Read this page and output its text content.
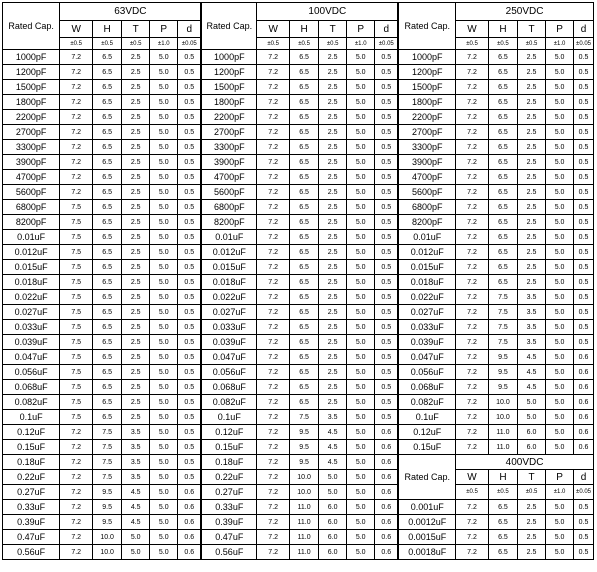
Rated Cap.	63VDC					Rated Cap.	100VDC					Rated Cap.	250VDC				
	W	H	T	P	d		W	H	T	P	d		W	H	T	P	d
	±0.5	±0.5	±0.5	±1.0	±0.05		±0.5	±0.5	±0.5	±1.0	±0.05		±0.5	±0.5	±0.5	±1.0	±0.05
1000pF	7.2	6.5	2.5	5.0	0.5	1000pF	7.2	6.5	2.5	5.0	0.5	1000pF	7.2	6.5	2.5	5.0	0.5
1200pF	7.2	6.5	2.5	5.0	0.5	1200pF	7.2	6.5	2.5	5.0	0.5	1200pF	7.2	6.5	2.5	5.0	0.5
1500pF	7.2	6.5	2.5	5.0	0.5	1500pF	7.2	6.5	2.5	5.0	0.5	1500pF	7.2	6.5	2.5	5.0	0.5
1800pF	7.2	6.5	2.5	5.0	0.5	1800pF	7.2	6.5	2.5	5.0	0.5	1800pF	7.2	6.5	2.5	5.0	0.5
2200pF	7.2	6.5	2.5	5.0	0.5	2200pF	7.2	6.5	2.5	5.0	0.5	2200pF	7.2	6.5	2.5	5.0	0.5
2700pF	7.2	6.5	2.5	5.0	0.5	2700pF	7.2	6.5	2.5	5.0	0.5	2700pF	7.2	6.5	2.5	5.0	0.5
3300pF	7.2	6.5	2.5	5.0	0.5	3300pF	7.2	6.5	2.5	5.0	0.5	3300pF	7.2	6.5	2.5	5.0	0.5
3900pF	7.2	6.5	2.5	5.0	0.5	3900pF	7.2	6.5	2.5	5.0	0.5	3900pF	7.2	6.5	2.5	5.0	0.5
4700pF	7.2	6.5	2.5	5.0	0.5	4700pF	7.2	6.5	2.5	5.0	0.5	4700pF	7.2	6.5	2.5	5.0	0.5
5600pF	7.2	6.5	2.5	5.0	0.5	5600pF	7.2	6.5	2.5	5.0	0.5	5600pF	7.2	6.5	2.5	5.0	0.5
6800pF	7.5	6.5	2.5	5.0	0.5	6800pF	7.2	6.5	2.5	5.0	0.5	6800pF	7.2	6.5	2.5	5.0	0.5
8200pF	7.5	6.5	2.5	5.0	0.5	8200pF	7.2	6.5	2.5	5.0	0.5	8200pF	7.2	6.5	2.5	5.0	0.5
0.01uF	7.5	6.5	2.5	5.0	0.5	0.01uF	7.2	6.5	2.5	5.0	0.5	0.01uF	7.2	6.5	2.5	5.0	0.5
0.012uF	7.5	6.5	2.5	5.0	0.5	0.012uF	7.2	6.5	2.5	5.0	0.5	0.012uF	7.2	6.5	2.5	5.0	0.5
0.015uF	7.5	6.5	2.5	5.0	0.5	0.015uF	7.2	6.5	2.5	5.0	0.5	0.015uF	7.2	6.5	2.5	5.0	0.5
0.018uF	7.5	6.5	2.5	5.0	0.5	0.018uF	7.2	6.5	2.5	5.0	0.5	0.018uF	7.2	6.5	2.5	5.0	0.5
0.022uF	7.5	6.5	2.5	5.0	0.5	0.022uF	7.2	6.5	2.5	5.0	0.5	0.022uF	7.2	7.5	3.5	5.0	0.5
0.027uF	7.5	6.5	2.5	5.0	0.5	0.027uF	7.2	6.5	2.5	5.0	0.5	0.027uF	7.2	7.5	3.5	5.0	0.5
0.033uF	7.5	6.5	2.5	5.0	0.5	0.033uF	7.2	6.5	2.5	5.0	0.5	0.033uF	7.2	7.5	3.5	5.0	0.5
0.039uF	7.5	6.5	2.5	5.0	0.5	0.039uF	7.2	6.5	2.5	5.0	0.5	0.039uF	7.2	7.5	3.5	5.0	0.5
0.047uF	7.5	6.5	2.5	5.0	0.5	0.047uF	7.2	6.5	2.5	5.0	0.5	0.047uF	7.2	9.5	4.5	5.0	0.6
0.056uF	7.5	6.5	2.5	5.0	0.5	0.056uF	7.2	6.5	2.5	5.0	0.5	0.056uF	7.2	9.5	4.5	5.0	0.6
0.068uF	7.5	6.5	2.5	5.0	0.5	0.068uF	7.2	6.5	2.5	5.0	0.5	0.068uF	7.2	9.5	4.5	5.0	0.6
0.082uF	7.5	6.5	2.5	5.0	0.5	0.082uF	7.2	6.5	2.5	5.0	0.5	0.082uF	7.2	10.0	5.0	5.0	0.6
0.1uF	7.5	6.5	2.5	5.0	0.5	0.1uF	7.2	7.5	3.5	5.0	0.5	0.1uF	7.2	10.0	5.0	5.0	0.6
0.12uF	7.2	7.5	3.5	5.0	0.5	0.12uF	7.2	9.5	4.5	5.0	0.6	0.12uF	7.2	11.0	6.0	5.0	0.6
0.15uF	7.2	7.5	3.5	5.0	0.5	0.15uF	7.2	9.5	4.5	5.0	0.6	0.15uF	7.2	11.0	6.0	5.0	0.6
0.18uF	7.2	7.5	3.5	5.0	0.5	0.18uF	7.2	9.5	4.5	5.0	0.6	Rated Cap.	400VDC				
0.22uF	7.2	7.5	3.5	5.0	0.5	0.22uF	7.2	10.0	5.0	5.0	0.6		W	H	T	P	d
0.27uF	7.2	9.5	4.5	5.0	0.6	0.27uF	7.2	10.0	5.0	5.0	0.6		±0.5	±0.5	±0.5	±1.0	±0.05
0.33uF	7.2	9.5	4.5	5.0	0.6	0.33uF	7.2	11.0	6.0	5.0	0.6	0.001uF	7.2	6.5	2.5	5.0	0.5
0.39uF	7.2	9.5	4.5	5.0	0.6	0.39uF	7.2	11.0	6.0	5.0	0.6	0.0012uF	7.2	6.5	2.5	5.0	0.5
0.47uF	7.2	10.0	5.0	5.0	0.6	0.47uF	7.2	11.0	6.0	5.0	0.6	0.0015uF	7.2	6.5	2.5	5.0	0.5
0.56uF	7.2	10.0	5.0	5.0	0.6	0.56uF	7.2	11.0	6.0	5.0	0.6	0.0018uF	7.2	6.5	2.5	5.0	0.5
